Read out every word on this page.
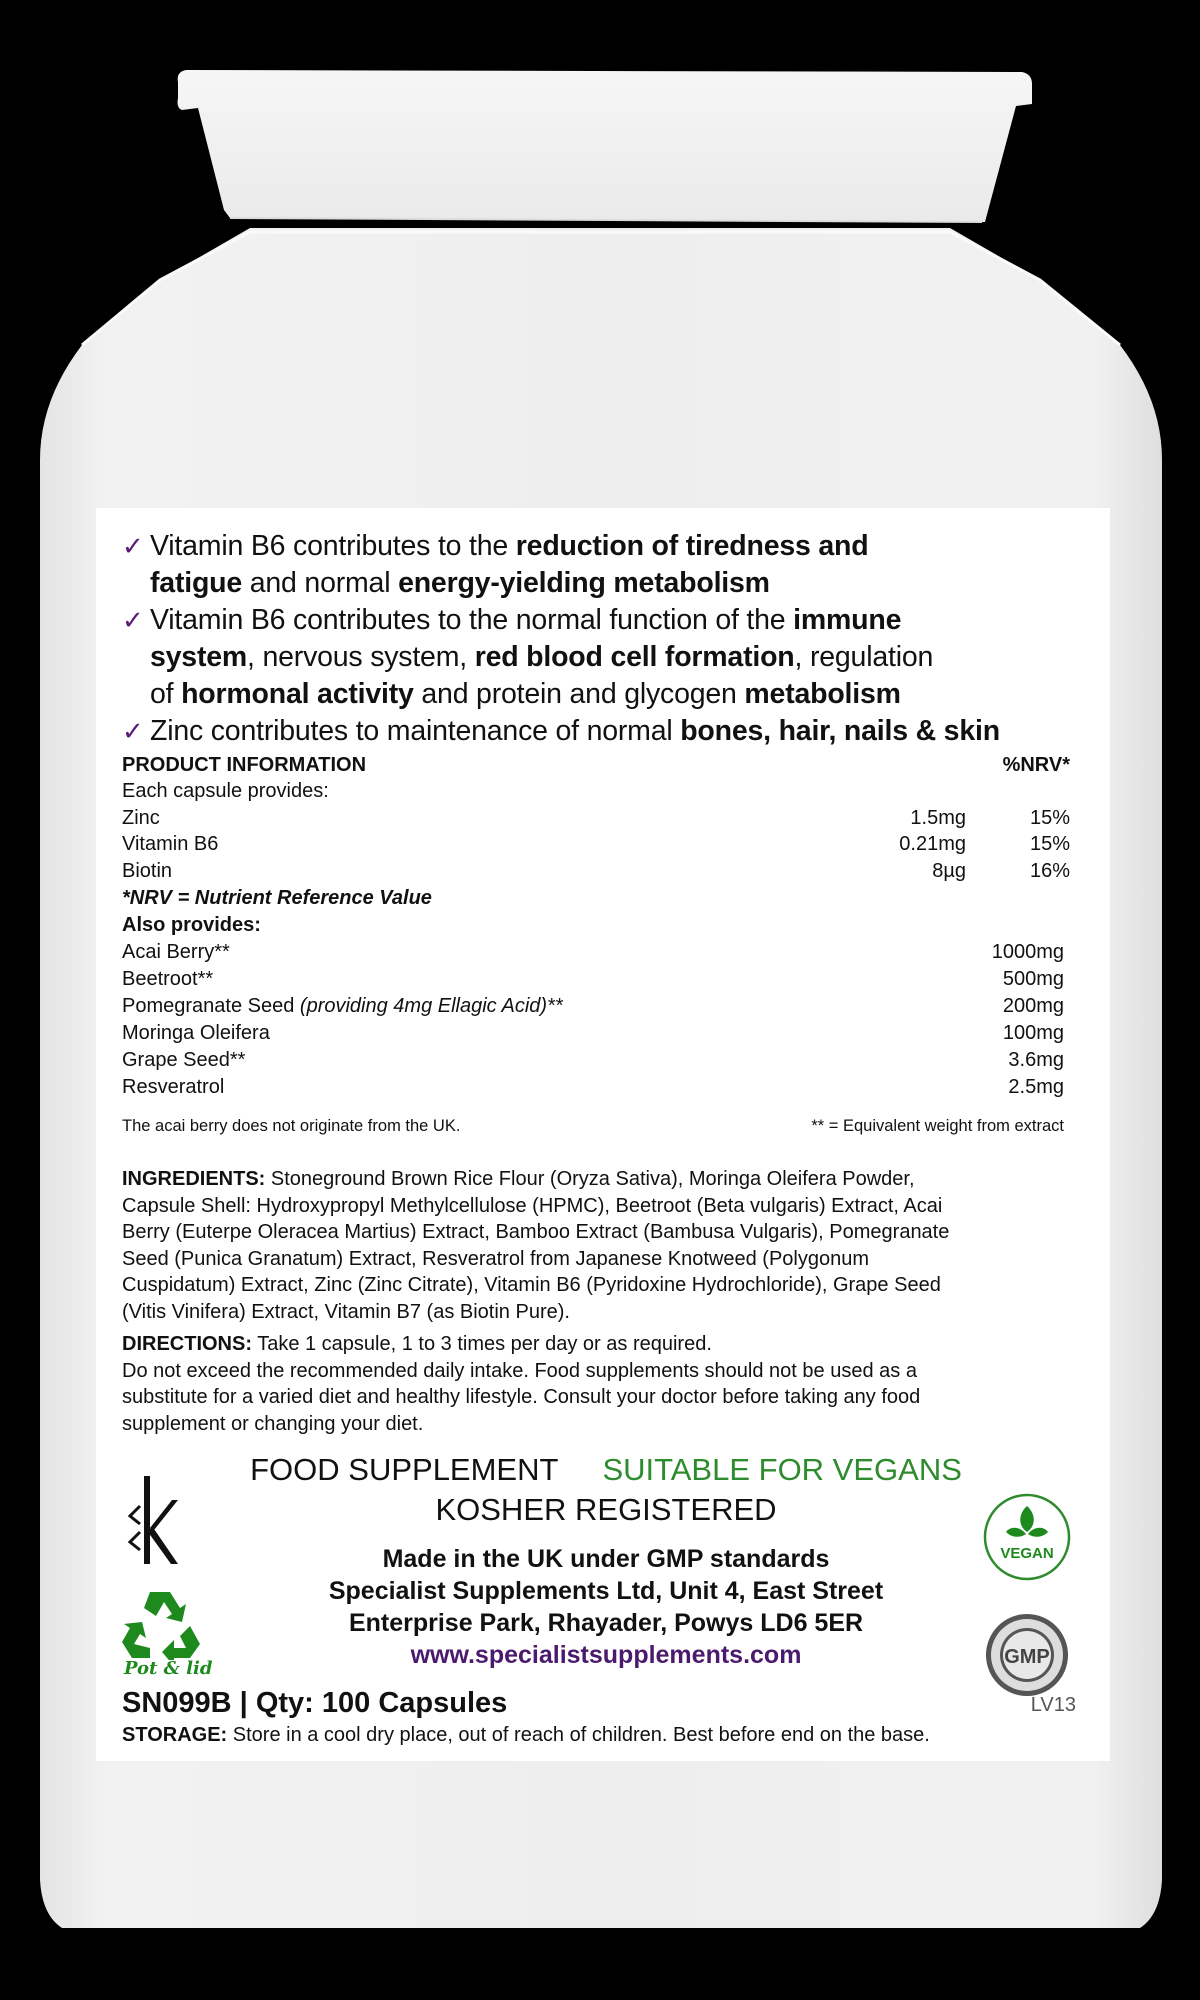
✓ Vitamin B6 contributes to the reduction of tiredness and
fatigue and normal energy-yielding metabolism
✓ Vitamin B6 contributes to the normal function of the immune
system, nervous system, red blood cell formation, regulation
of hormonal activity and protein and glycogen metabolism
✓ Zinc contributes to maintenance of normal bones, hair, nails & skin
PRODUCT INFORMATION	%NRV*
Each capsule provides:
Zinc	1.5mg	15%
Vitamin B6	0.21mg	15%
Biotin	8µg	16%
*NRV = Nutrient Reference Value
Also provides:
Acai Berry**	1000mg
Beetroot**	500mg
Pomegranate Seed (providing 4mg Ellagic Acid)**	200mg
Moringa Oleifera	100mg
Grape Seed**	3.6mg
Resveratrol	2.5mg
The acai berry does not originate from the UK.	** = Equivalent weight from extract
INGREDIENTS: Stoneground Brown Rice Flour (Oryza Sativa), Moringa Oleifera Powder,
Capsule Shell: Hydroxypropyl Methylcellulose (HPMC), Beetroot (Beta vulgaris) Extract, Acai
Berry (Euterpe Oleracea Martius) Extract, Bamboo Extract (Bambusa Vulgaris), Pomegranate
Seed (Punica Granatum) Extract, Resveratrol from Japanese Knotweed (Polygonum
Cuspidatum) Extract, Zinc (Zinc Citrate), Vitamin B6 (Pyridoxine Hydrochloride), Grape Seed
(Vitis Vinifera) Extract, Vitamin B7 (as Biotin Pure).
DIRECTIONS: Take 1 capsule, 1 to 3 times per day or as required.
Do not exceed the recommended daily intake. Food supplements should not be used as a
substitute for a varied diet and healthy lifestyle. Consult your doctor before taking any food
supplement or changing your diet.
FOOD SUPPLEMENT SUITABLE FOR VEGANS
KOSHER REGISTERED
Made in the UK under GMP standards
Specialist Supplements Ltd, Unit 4, East Street
Enterprise Park, Rhayader, Powys LD6 5ER
www.specialistsupplements.com
Pot & lid
VEGAN
GMP
SN099B | Qty: 100 Capsules	LV13
STORAGE: Store in a cool dry place, out of reach of children. Best before end on the base.
